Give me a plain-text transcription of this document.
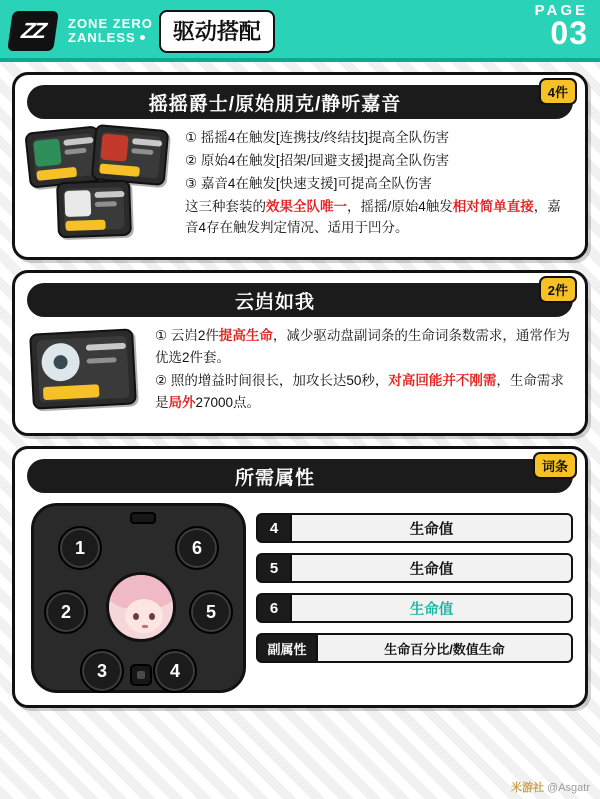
ZZ	ZONE ZERO
ZANLESS	驱动搭配
PAGE
03
摇摇爵士/原始朋克/静听嘉音
4件

① 摇摇4在触发[连携技/终结技]提高全队伤害

② 原始4在触发[招架/回避支援]提高全队伤害

③ 嘉音4在触发[快速支援]可提高全队伤害

这三种套装的效果全队唯一，摇摇/原始4触发相对简单直接，嘉音4存在触发判定情况、适用于凹分。

云岿如我
2件

① 云岿2件提高生命，减少驱动盘副词条的生命词条数需求，通常作为优选2件套。

② 照的增益时间很长，加攻长达50秒，对高回能并不刚需，生命需求是局外27000点。

所需属性
词条
1	6
2	5
3	4
4	生命值
5	生命值
6	生命值
副属性	生命百分比/数值生命
米游社 @Asgatr
